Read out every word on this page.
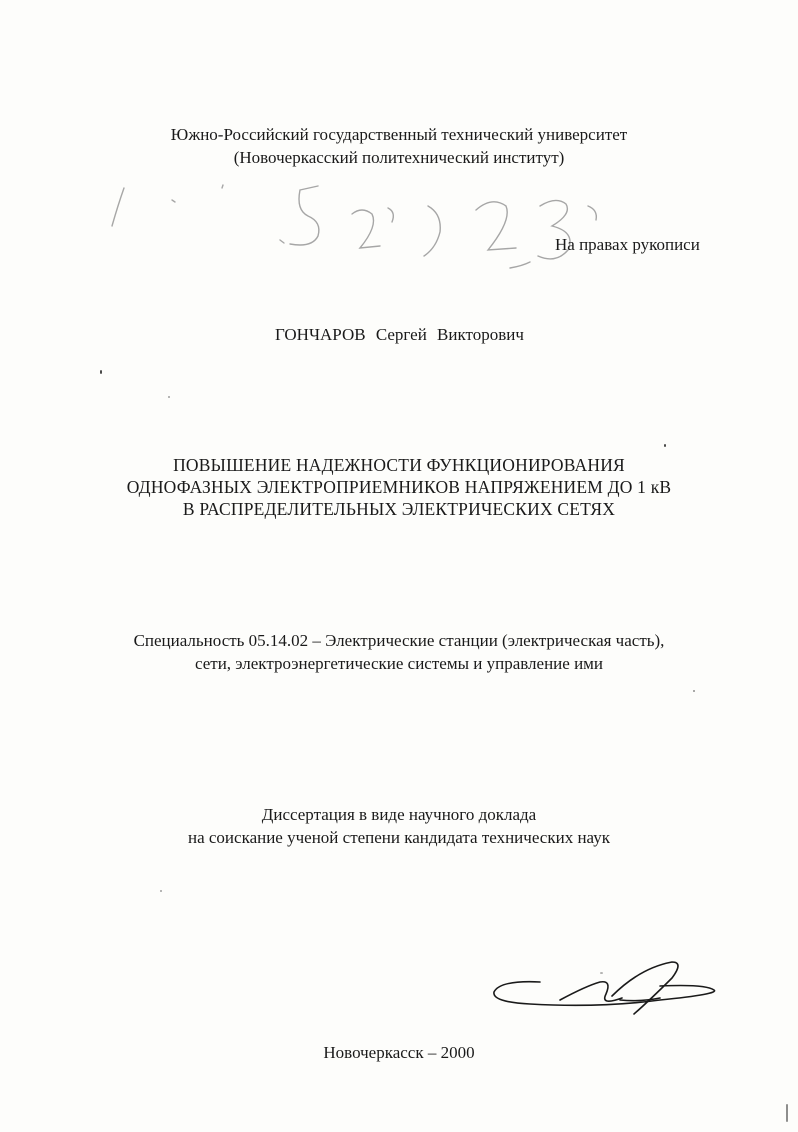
Южно-Российский государственный технический университет
(Новочеркасский политехнический институт)
На правах рукописи
ГОНЧАРОВ Сергей Викторович
ПОВЫШЕНИЕ НАДЕЖНОСТИ ФУНКЦИОНИРОВАНИЯ
ОДНОФАЗНЫХ ЭЛЕКТРОПРИЕМНИКОВ НАПРЯЖЕНИЕМ ДО 1 кВ
В РАСПРЕДЕЛИТЕЛЬНЫХ ЭЛЕКТРИЧЕСКИХ СЕТЯХ
Специальность 05.14.02 – Электрические станции (электрическая часть),
сети, электроэнергетические системы и управление ими
Диссертация в виде научного доклада
на соискание ученой степени кандидата технических наук
Новочеркасск – 2000
